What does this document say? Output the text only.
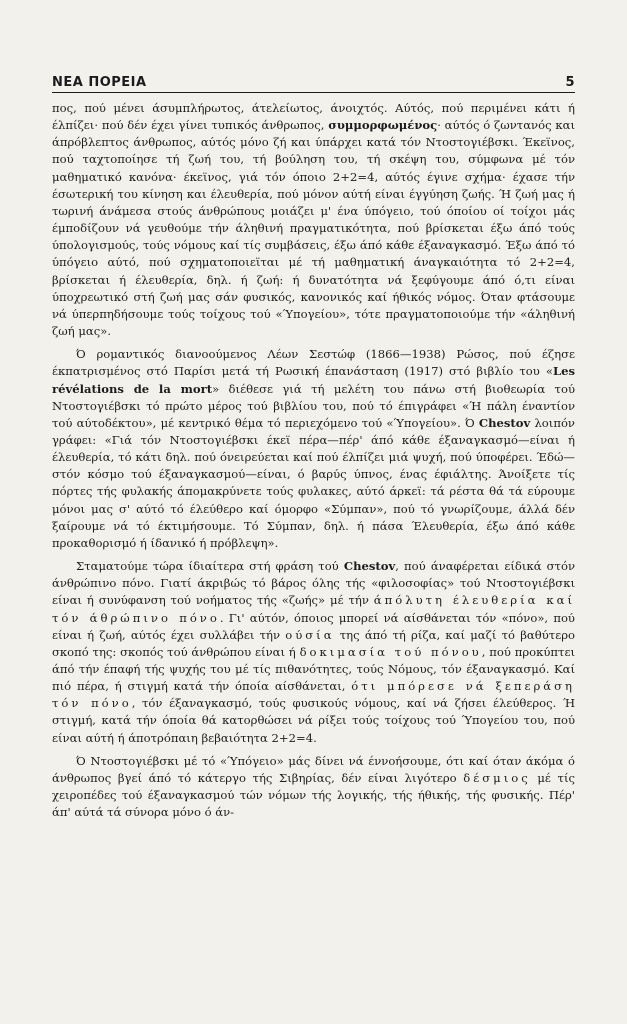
ΝΕΑ ΠΟΡΕΙΑ	5

πος, πού μένει άσυμπλήρωτος, άτελείωτος, άνοιχτός. Αύτός, πού περιμένει κάτι ή έλπίζει· πού δέν έχει γίνει τυπικός άνθρωπος, συμμορφωμένος· αύτός ό ζωντανός και άπρόβλεπτος άνθρωπος, αύτός μόνο ζή και ύπάρχει κατά τόν Ντοστογιέβσκι. Έκεϊνος, πού ταχτοποίησε τή ζωή του, τή βούληση του, τή σκέψη του, σύμφωνα μέ τόν μαθηματικό κανόνα· έκεϊνος, γιά τόν όποιο 2+2=4, αύτός έγινε σχήμα· έχασε τήν έσωτερική του κίνηση και έλευθερία, πού μόνον αύτή είναι έγγύηση ζωής. Ή ζωή μας ή τωρινή άνάμεσα στούς άνθρώπους μοιάζει μ' ένα ύπόγειο, τού όποίου οί τοίχοι μάς έμποδίζουν νά γευθούμε τήν άληθινή πραγματικότητα, πού βρίσκεται έξω άπό τούς ύπολογισμούς, τούς νόμους καί τίς συμβάσεις, έξω άπό κάθε έξαναγκασμό. Έξω άπό τό ύπόγειο αύτό, πού σχηματοποιεϊται μέ τή μαθηματική άναγκαιότητα τό 2+2=4, βρίσκεται ή έλευθερία, δηλ. ή ζωή: ή δυνατότητα νά ξεφύγουμε άπό ό,τι είναι ύποχρεωτικό στή ζωή μας σάν φυσικός, κανονικός καί ήθικός νόμος. Όταν φτάσουμε νά ύπερπηδήσουμε τούς τοίχους τού «Ύπογείου», τότε πραγματοποιούμε τήν «άληθινή ζωή μας».

Ό ρομαντικός διανοούμενος Λέων Σεστώφ (1866—1938) Ρώσος, πού έζησε έκπατρισμένος στό Παρίσι μετά τή Ρωσική έπανάσταση (1917) στό βιβλίο του «Les révélations de la mort» διέθεσε γιά τή μελέτη του πάνω στή βιοθεωρία τού Ντοστογιέβσκι τό πρώτο μέρος τού βιβλίου του, πού τό έπιγράφει «Ή πάλη έναντίον τού αύτοδέκτου», μέ κεντρικό θέμα τό περιεχόμενο τού «Ύπογείου». Ό Chestov λοιπόν γράφει: «Γιά τόν Ντοστογιέβσκι έκεϊ πέρα—πέρ' άπό κάθε έξαναγκασμό—είναι ή έλευθερία, τό κάτι δηλ. πού όνειρεύεται καί πού έλπίζει μιά ψυχή, πού ύποφέρει. Έδώ—στόν κόσμο τού έξαναγκασμού—είναι, ό βαρύς ύπνος, ένας έφιάλτης. Άνοίξετε τίς πόρτες τής φυλακής άπομακρύνετε τούς φυλακες, αύτό άρκεϊ: τά ρέστα θά τά εύρουμε μόνοι μας σ' αύτό τό έλεύθερο καί όμορφο «Σύμπαν», πού τό γνωρίζουμε, άλλά δέν ξαίρουμε νά τό έκτιμήσουμε. Τό Σύμπαν, δηλ. ή πάσα Έλευθερία, έξω άπό κάθε προκαθορισμό ή ίδανικό ή πρόβλεψη».

Σταματούμε τώρα ίδιαίτερα στή φράση τού Chestov, πού άναφέρεται είδικά στόν άνθρώπινο πόνο. Γιατί άκριβώς τό βάρος όλης τής «φιλοσοφίας» τού Ντοστογιέβσκι είναι ή συνύφανση τού νοήματος τής «ζωής» μέ τήν άπόλυτη έλευθερία καί τόν άθρώπινο πόνο. Γι' αύτόν, όποιος μπορεί νά αίσθάνεται τόν «πόνο», πού είναι ή ζωή, αύτός έχει συλλάβει τήν ούσία της άπό τή ρίζα, καί μαζί τό βαθύτερο σκοπό της: σκοπός τού άνθρώπου είναι ή δοκιμασία τού πόνου, πού προκύπτει άπό τήν έπαφή τής ψυχής του μέ τίς πιθανότητες, τούς Νόμους, τόν έξαναγκασμό. Καί πιό πέρα, ή στιγμή κατά τήν όποία αίσθάνεται, ότι μπόρεσε νά ξεπεράση τόν πόνο, τόν έξαναγκασμό, τούς φυσικούς νόμους, καί νά ζήσει έλεύθερος. Ή στιγμή, κατά τήν όποία θά κατορθώσει νά ρίξει τούς τοίχους τού Ύπογείου του, πού είναι αύτή ή άποτρόπαιη βεβαιότητα 2+2=4.

Ό Ντοστογιέβσκι μέ τό «Ύπόγειο» μάς δίνει νά έννοήσουμε, ότι καί όταν άκόμα ό άνθρωπος βγεί άπό τό κάτεργο τής Σιβηρίας, δέν είναι λιγότερο δέσμιος μέ τίς χειροπέδες τού έξαναγκασμού τών νόμων τής λογικής, τής ήθικής, τής φυσικής. Πέρ' άπ' αύτά τά σύνορα μόνο ό άν-
